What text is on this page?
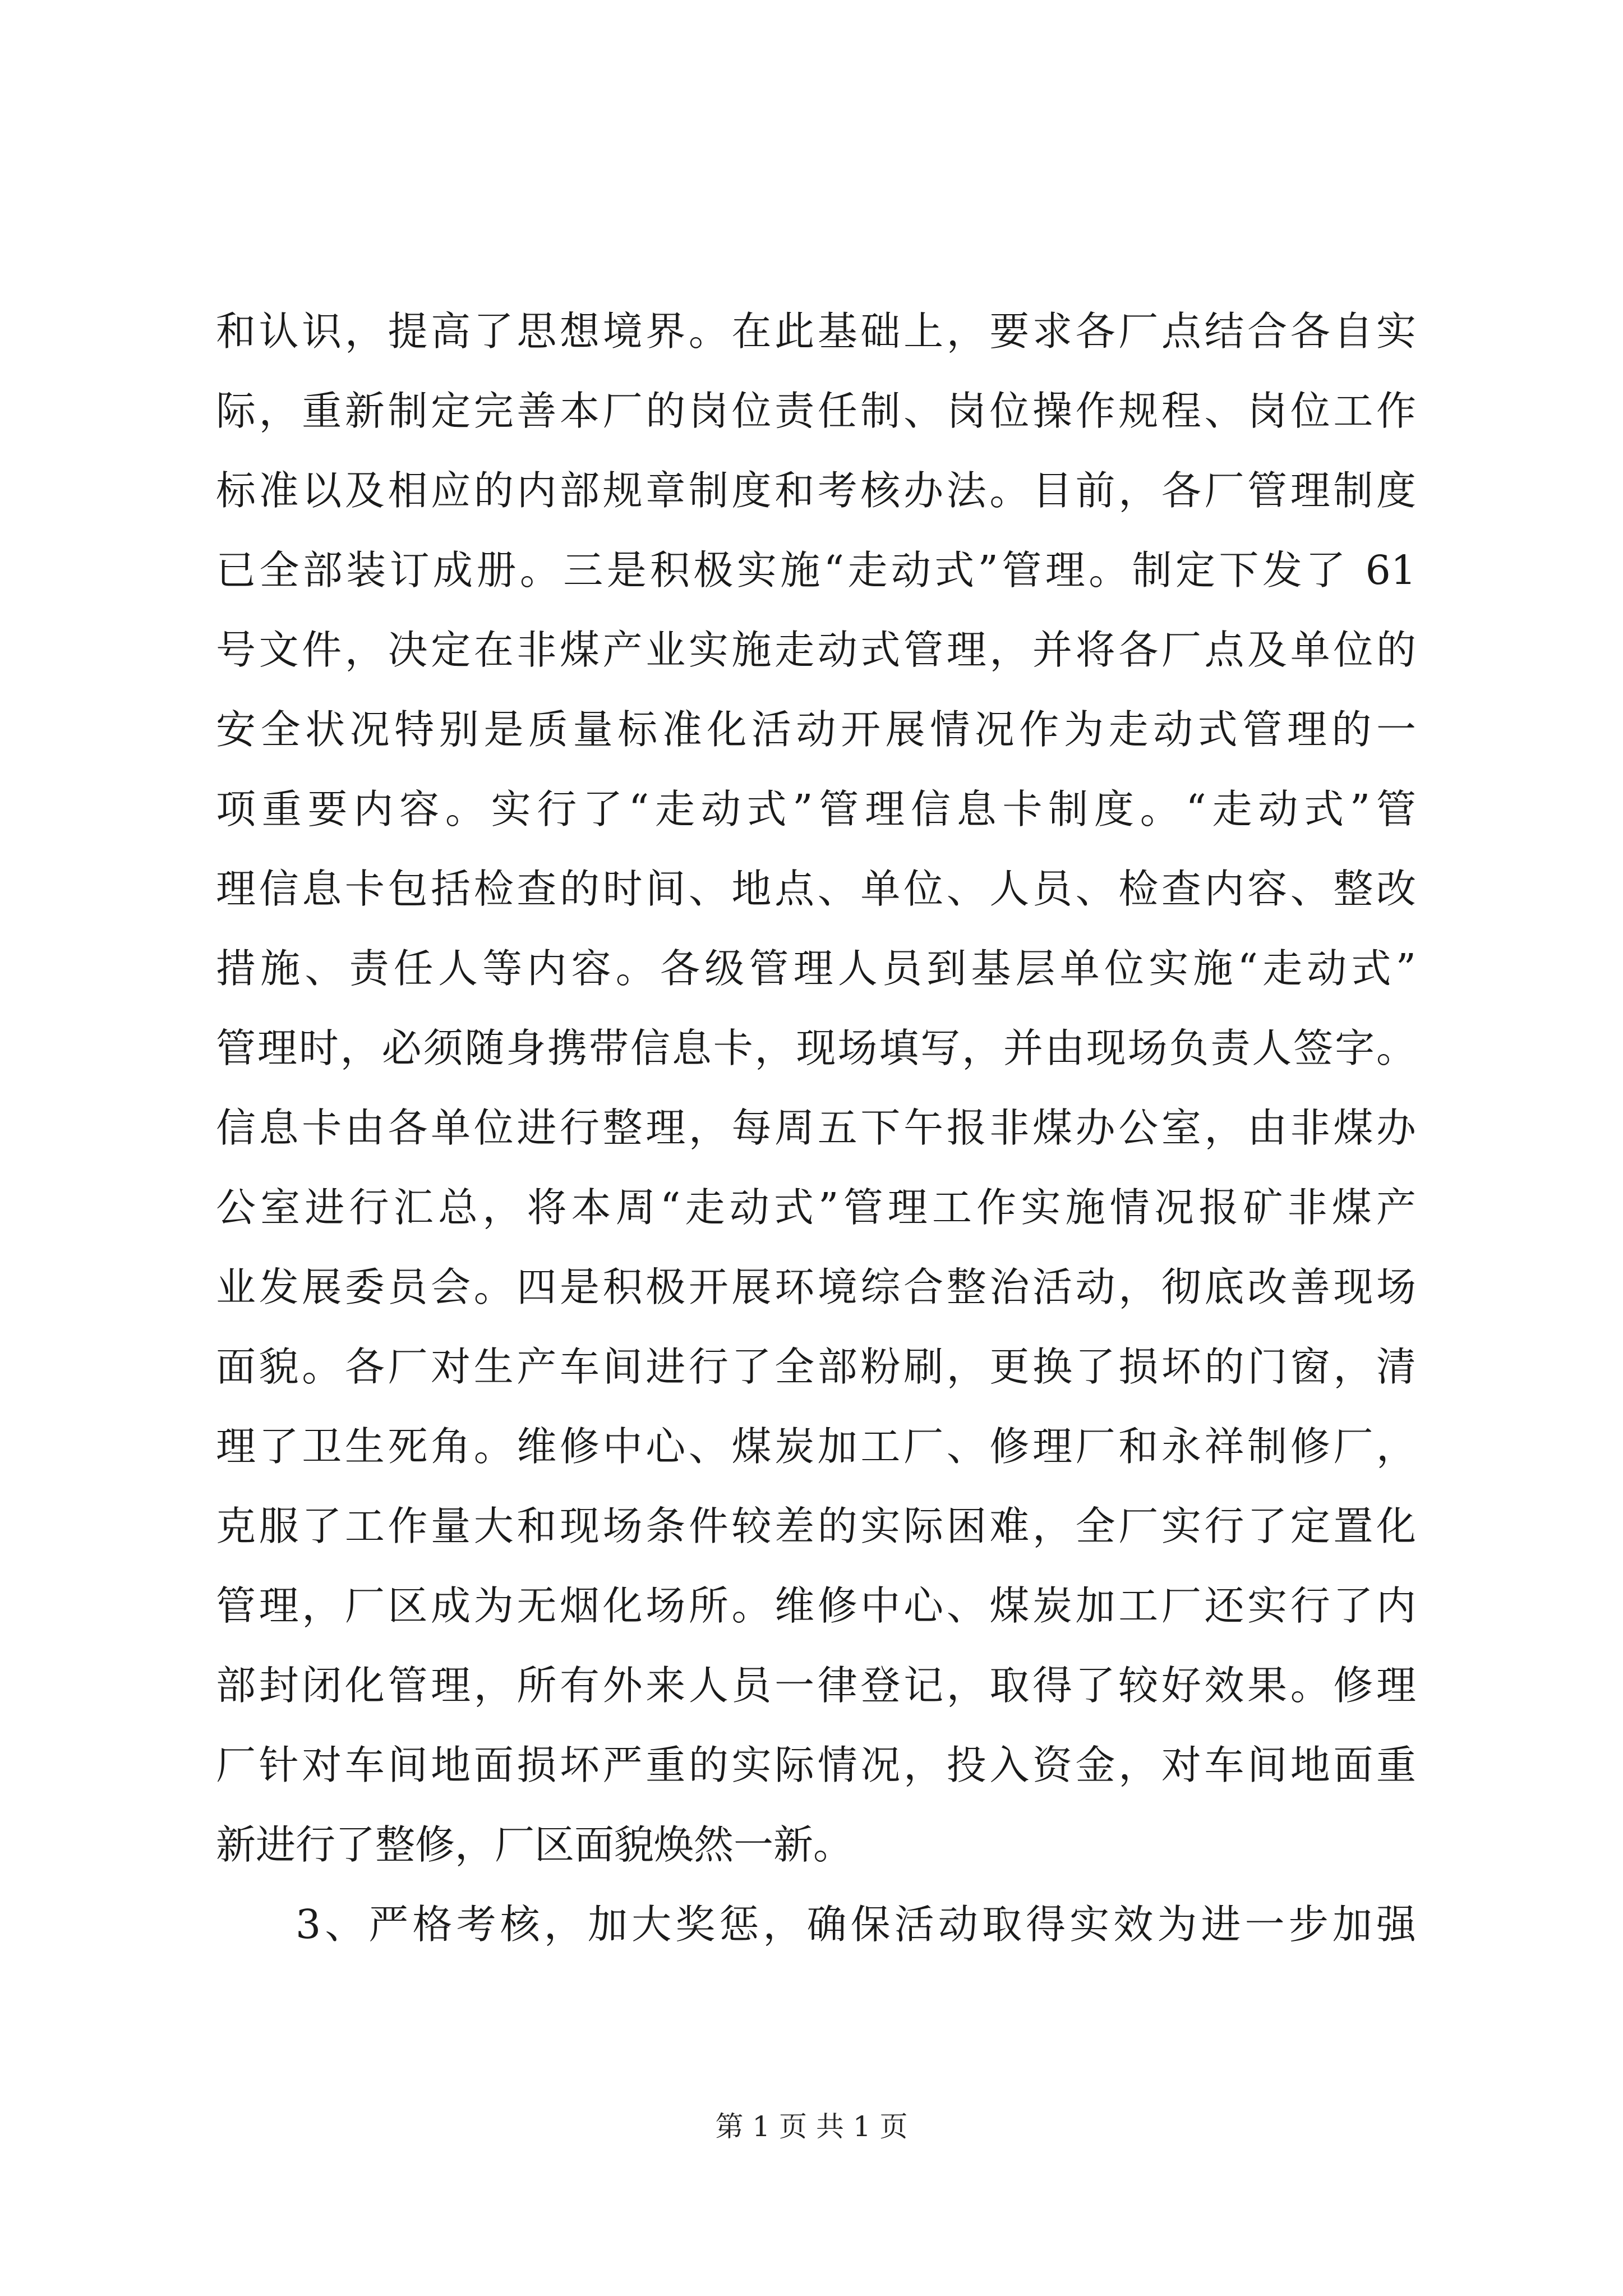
和认识，提高了思想境界。在此基础上，要求各厂点结合各自实
际，重新制定完善本厂的岗位责任制、岗位操作规程、岗位工作
标准以及相应的内部规章制度和考核办法。目前，各厂管理制度
已全部装订成册。三是积极实施“走动式”管理。制定下发了 61
号文件，决定在非煤产业实施走动式管理，并将各厂点及单位的
安全状况特别是质量标准化活动开展情况作为走动式管理的一
项重要内容。实行了“走动式”管理信息卡制度。“走动式”管
理信息卡包括检查的时间、地点、单位、人员、检查内容、整改
措施、责任人等内容。各级管理人员到基层单位实施“走动式”
管理时，必须随身携带信息卡，现场填写，并由现场负责人签字。
信息卡由各单位进行整理，每周五下午报非煤办公室，由非煤办
公室进行汇总，将本周“走动式”管理工作实施情况报矿非煤产
业发展委员会。四是积极开展环境综合整治活动，彻底改善现场
面貌。各厂对生产车间进行了全部粉刷，更换了损坏的门窗，清
理了卫生死角。维修中心、煤炭加工厂、修理厂和永祥制修厂，
克服了工作量大和现场条件较差的实际困难，全厂实行了定置化
管理，厂区成为无烟化场所。维修中心、煤炭加工厂还实行了内
部封闭化管理，所有外来人员一律登记，取得了较好效果。修理
厂针对车间地面损坏严重的实际情况，投入资金，对车间地面重
新进行了整修，厂区面貌焕然一新。
3、严格考核，加大奖惩，确保活动取得实效为进一步加强
第 1 页 共 1 页
